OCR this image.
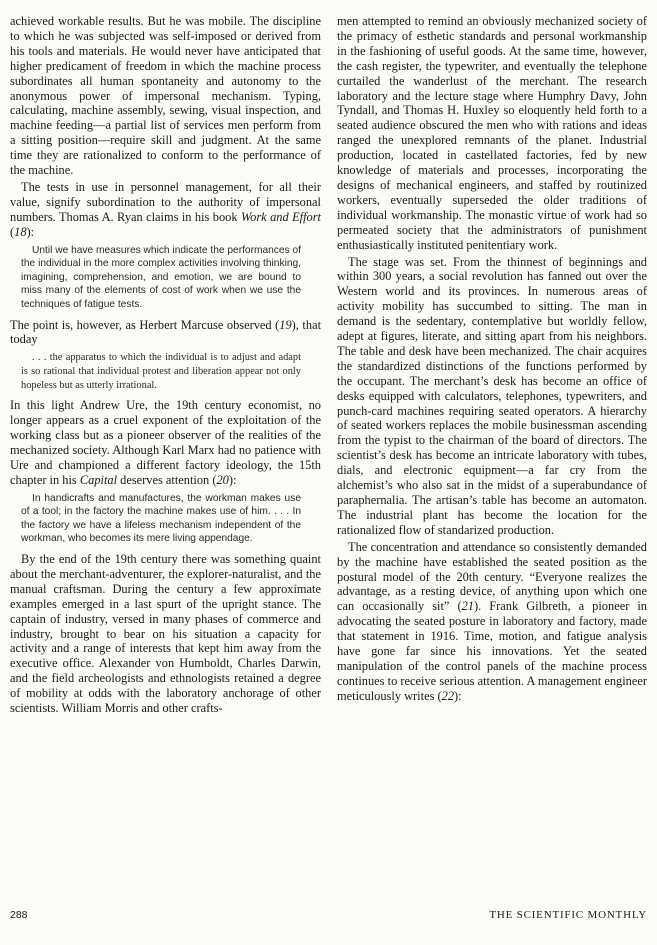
achieved workable results. But he was mobile. The discipline to which he was subjected was self-imposed or derived from his tools and materials. He would never have anticipated that higher predicament of freedom in which the machine process subordinates all human spontaneity and autonomy to the anonymous power of impersonal mechanism. Typing, calculating, machine assembly, sewing, visual inspection, and machine feeding—a partial list of services men perform from a sitting position—require skill and judgment. At the same time they are rationalized to conform to the performance of the machine.

The tests in use in personnel management, for all their value, signify subordination to the authority of impersonal numbers. Thomas A. Ryan claims in his book Work and Effort (18):

Until we have measures which indicate the performances of the individual in the more complex activities involving thinking, imagining, comprehension, and emotion, we are bound to miss many of the elements of cost of work when we use the techniques of fatigue tests.

The point is, however, as Herbert Marcuse observed (19), that today

. . . the apparatus to which the individual is to adjust and adapt is so rational that individual protest and liberation appear not only hopeless but as utterly irrational.

In this light Andrew Ure, the 19th century economist, no longer appears as a cruel exponent of the exploitation of the working class but as a pioneer observer of the realities of the mechanized society. Although Karl Marx had no patience with Ure and championed a different factory ideology, the 15th chapter in his Capital deserves attention (20):

In handicrafts and manufactures, the workman makes use of a tool; in the factory the machine makes use of him. . . . In the factory we have a lifeless mechanism independent of the workman, who becomes its mere living appendage.

By the end of the 19th century there was something quaint about the merchant-adventurer, the explorer-naturalist, and the manual craftsman. During the century a few approximate examples emerged in a last spurt of the upright stance. The captain of industry, versed in many phases of commerce and industry, brought to bear on his situation a capacity for activity and a range of interests that kept him away from the executive office. Alexander von Humboldt, Charles Darwin, and the field archeologists and ethnologists retained a degree of mobility at odds with the laboratory anchorage of other scientists. William Morris and other crafts-

men attempted to remind an obviously mechanized society of the primacy of esthetic standards and personal workmanship in the fashioning of useful goods. At the same time, however, the cash register, the typewriter, and eventually the telephone curtailed the wanderlust of the merchant. The research laboratory and the lecture stage where Humphry Davy, John Tyndall, and Thomas H. Huxley so eloquently held forth to a seated audience obscured the men who with rations and ideas ranged the unexplored remnants of the planet. Industrial production, located in castellated factories, fed by new knowledge of materials and processes, incorporating the designs of mechanical engineers, and staffed by routinized workers, eventually superseded the older traditions of individual workmanship. The monastic virtue of work had so permeated society that the administrators of punishment enthusiastically instituted penitentiary work.

The stage was set. From the thinnest of beginnings and within 300 years, a social revolution has fanned out over the Western world and its provinces. In numerous areas of activity mobility has succumbed to sitting. The man in demand is the sedentary, contemplative but worldly fellow, adept at figures, literate, and sitting apart from his neighbors. The table and desk have been mechanized. The chair acquires the standardized distinctions of the functions performed by the occupant. The merchant’s desk has become an office of desks equipped with calculators, telephones, typewriters, and punch-card machines requiring seated operators. A hierarchy of seated workers replaces the mobile businessman ascending from the typist to the chairman of the board of directors. The scientist’s desk has become an intricate laboratory with tubes, dials, and electronic equipment—a far cry from the alchemist’s who also sat in the midst of a superabundance of paraphernalia. The artisan’s table has become an automaton. The industrial plant has become the location for the rationalized flow of standarized production.

The concentration and attendance so consistently demanded by the machine have established the seated position as the postural model of the 20th century. “Everyone realizes the advantage, as a resting device, of anything upon which one can occasionally sit” (21). Frank Gilbreth, a pioneer in advocating the seated posture in laboratory and factory, made that statement in 1916. Time, motion, and fatigue analysis have gone far since his innovations. Yet the seated manipulation of the control panels of the machine process continues to receive serious attention. A management engineer meticulously writes (22):

288	THE SCIENTIFIC MONTHLY
